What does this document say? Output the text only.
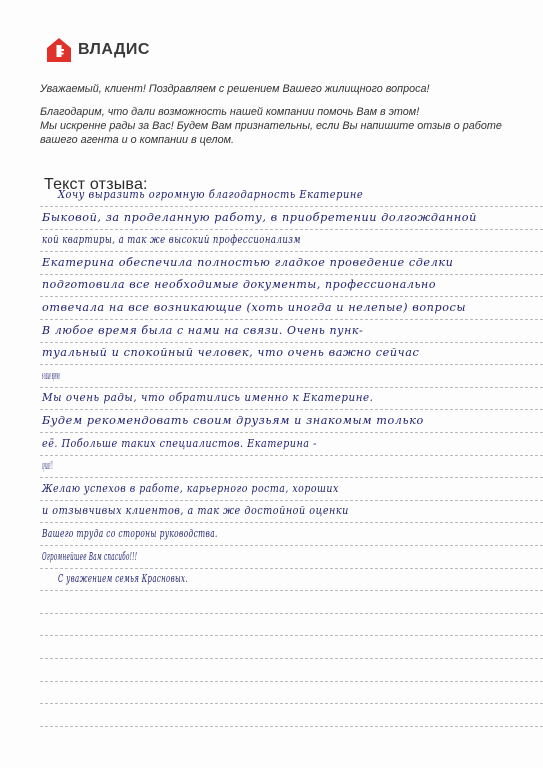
ВЛАДИС

Уважаемый, клиент! Поздравляем с решением Вашего жилищного вопроса!

Благодарим, что дали возможность нашей компании помочь Вам в этом!

Мы искренне рады за Вас! Будем Вам признательны, если Вы напишите отзыв о работе

вашего агента и о компании в целом.

Текст отзыва:
Хочу выразить огромную благодарность Екатерине
Быковой, за проделанную работу, в приобретении долгожданной
кой квартиры, а так же высокий профессионализм
Екатерина обеспечила полностью гладкое проведение сделки
подготовила все необходимые документы, профессионально
отвечала на все возникающие (хоть иногда и нелепые) вопросы
В любое время была с нами на связи. Очень пунк-
туальный и спокойный человек, что очень важно сейчас
в наше время
Мы очень рады, что обратились именно к Екатерине.
Будем рекомендовать своим друзьям и знакомым только
её. Побольше таких специалистов. Екатерина -
лучшая !!!
Желаю успехов в работе, карьерного роста, хороших
и отзывчивых клиентов, а так же достойной оценки
Вашего труда со стороны руководства.
Огромнейшее Вам спасибо!!!
С уважением семья Красновых.
